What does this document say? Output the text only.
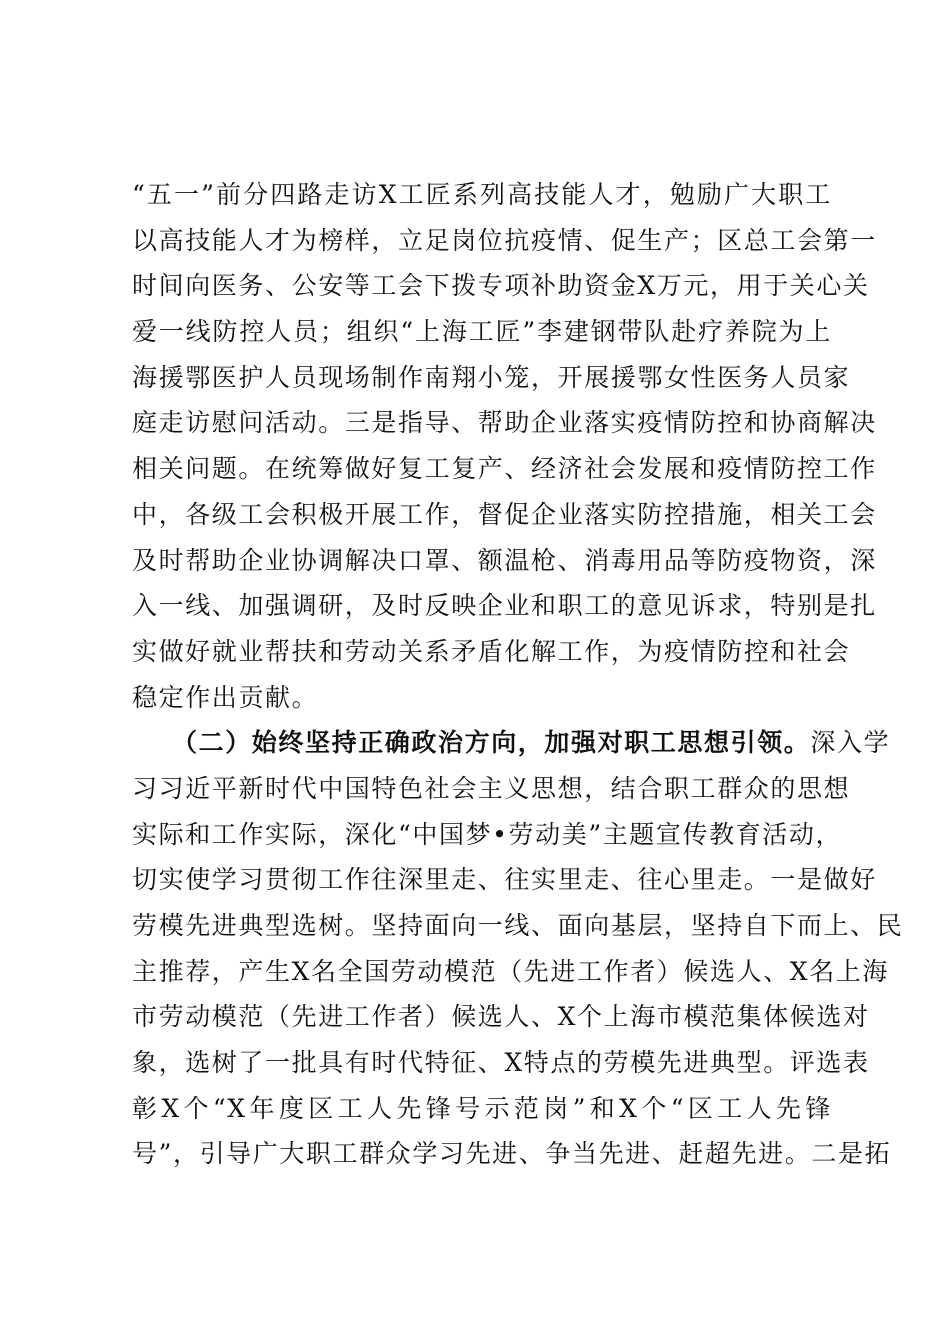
“五一”前分四路走访X工匠系列高技能人才，勉励广大职工
以高技能人才为榜样，立足岗位抗疫情、促生产；区总工会第一
时间向医务、公安等工会下拨专项补助资金X万元，用于关心关
爱一线防控人员；组织“上海工匠”李建钢带队赴疗养院为上
海援鄂医护人员现场制作南翔小笼，开展援鄂女性医务人员家
庭走访慰问活动。三是指导、帮助企业落实疫情防控和协商解决
相关问题。在统筹做好复工复产、经济社会发展和疫情防控工作
中，各级工会积极开展工作，督促企业落实防控措施，相关工会
及时帮助企业协调解决口罩、额温枪、消毒用品等防疫物资，深
入一线、加强调研，及时反映企业和职工的意见诉求，特别是扎
实做好就业帮扶和劳动关系矛盾化解工作，为疫情防控和社会
稳定作出贡献。
（二）始终坚持正确政治方向，加强对职工思想引领。深入学
习习近平新时代中国特色社会主义思想，结合职工群众的思想
实际和工作实际，深化“中国梦•劳动美”主题宣传教育活动，
切实使学习贯彻工作往深里走、往实里走、往心里走。一是做好
劳模先进典型选树。坚持面向一线、面向基层，坚持自下而上、民
主推荐，产生X名全国劳动模范（先进工作者）候选人、X名上海
市劳动模范（先进工作者）候选人、X个上海市模范集体候选对
象，选树了一批具有时代特征、X特点的劳模先进典型。评选表
彰X个“X年度区工人先锋号示范岗”和X个“区工人先锋
号”，引导广大职工群众学习先进、争当先进、赶超先进。二是拓
